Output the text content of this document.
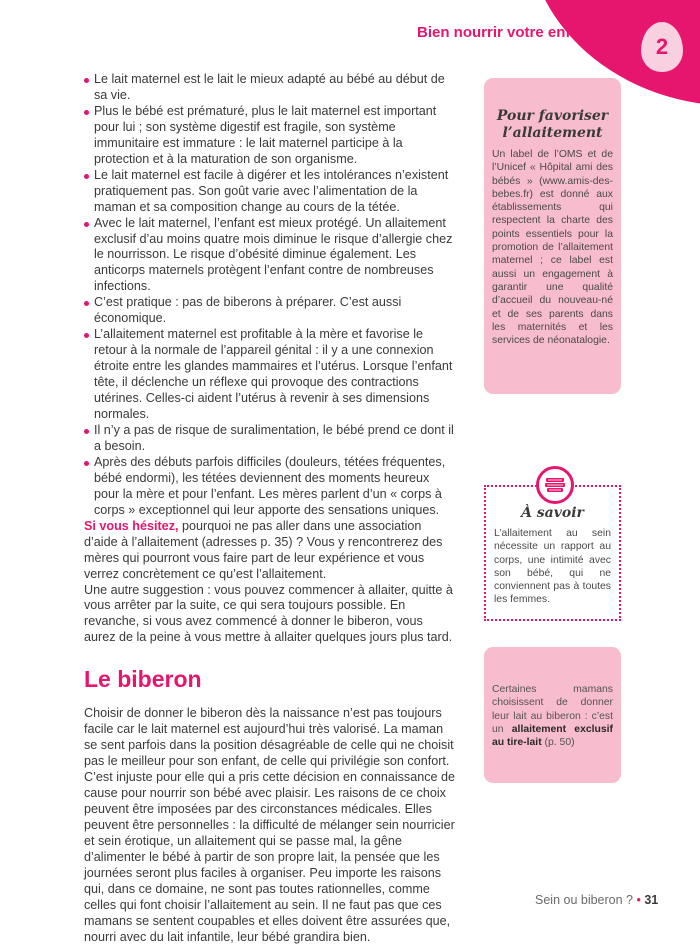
Bien nourrir votre enfant
2
Le lait maternel est le lait le mieux adapté au bébé au début de sa vie.
Plus le bébé est prématuré, plus le lait maternel est important pour lui ; son système digestif est fragile, son système immunitaire est immature : le lait maternel participe à la protection et à la maturation de son organisme.
Le lait maternel est facile à digérer et les intolérances n’existent pratiquement pas. Son goût varie avec l’alimentation de la maman et sa composition change au cours de la tétée.
Avec le lait maternel, l’enfant est mieux protégé. Un allaitement exclusif d’au moins quatre mois diminue le risque d’allergie chez le nourrisson. Le risque d’obésité diminue également. Les anticorps maternels protègent l’enfant contre de nombreuses infections.
C’est pratique : pas de biberons à préparer. C’est aussi économique.
L’allaitement maternel est profitable à la mère et favorise le retour à la normale de l’appareil génital : il y a une connexion étroite entre les glandes mammaires et l’utérus. Lorsque l’enfant tête, il déclenche un réflexe qui provoque des contractions utérines. Celles-ci aident l’utérus à revenir à ses dimensions normales.
Il n’y a pas de risque de suralimentation, le bébé prend ce dont il a besoin.
Après des débuts parfois difficiles (douleurs, tétées fréquentes, bébé endormi), les tétées deviennent des moments heureux pour la mère et pour l’enfant. Les mères parlent d’un « corps à corps » exceptionnel qui leur apporte des sensations uniques.

Si vous hésitez, pourquoi ne pas aller dans une association d’aide à l’allaitement (adresses p. 35) ? Vous y rencontrerez des mères qui pourront vous faire part de leur expérience et vous verrez concrètement ce qu’est l’allaitement.

Une autre suggestion : vous pouvez commencer à allaiter, quitte à vous arrêter par la suite, ce qui sera toujours possible. En revanche, si vous avez commencé à donner le biberon, vous aurez de la peine à vous mettre à allaiter quelques jours plus tard.

Le biberon

Choisir de donner le biberon dès la naissance n’est pas toujours facile car le lait maternel est aujourd’hui très valorisé. La maman se sent parfois dans la position désagréable de celle qui ne choisit pas le meilleur pour son enfant, de celle qui privilégie son confort. C’est injuste pour elle qui a pris cette décision en connaissance de cause pour nourrir son bébé avec plaisir. Les raisons de ce choix peuvent être imposées par des circonstances médicales. Elles peuvent être personnelles : la difficulté de mélanger sein nourricier et sein érotique, un allaitement qui se passe mal, la gêne d’alimenter le bébé à partir de son propre lait, la pensée que les journées seront plus faciles à organiser. Peu importe les raisons qui, dans ce domaine, ne sont pas toutes rationnelles, comme celles qui font choisir l’allaitement au sein. Il ne faut pas que ces mamans se sentent coupables et elles doivent être assurées que, nourri avec du lait infantile, leur bébé grandira bien.

Pour favoriser l’allaitement
Un label de l’OMS et de l’Unicef « Hôpital ami des bébés » (www.amis-des-bebes.fr) est donné aux établissements qui respectent la charte des points essentiels pour la promotion de l’allaitement maternel ; ce label est aussi un engagement à garantir une qualité d’accueil du nouveau-né et de ses parents dans les maternités et les services de néonatalogie.
À savoir
L’allaitement au sein nécessite un rapport au corps, une intimité avec son bébé, qui ne conviennent pas à toutes les femmes.
Certaines mamans choisissent de donner leur lait au biberon : c’est un allaitement exclusif au tire-lait (p. 50)
Sein ou biberon ? • 31
